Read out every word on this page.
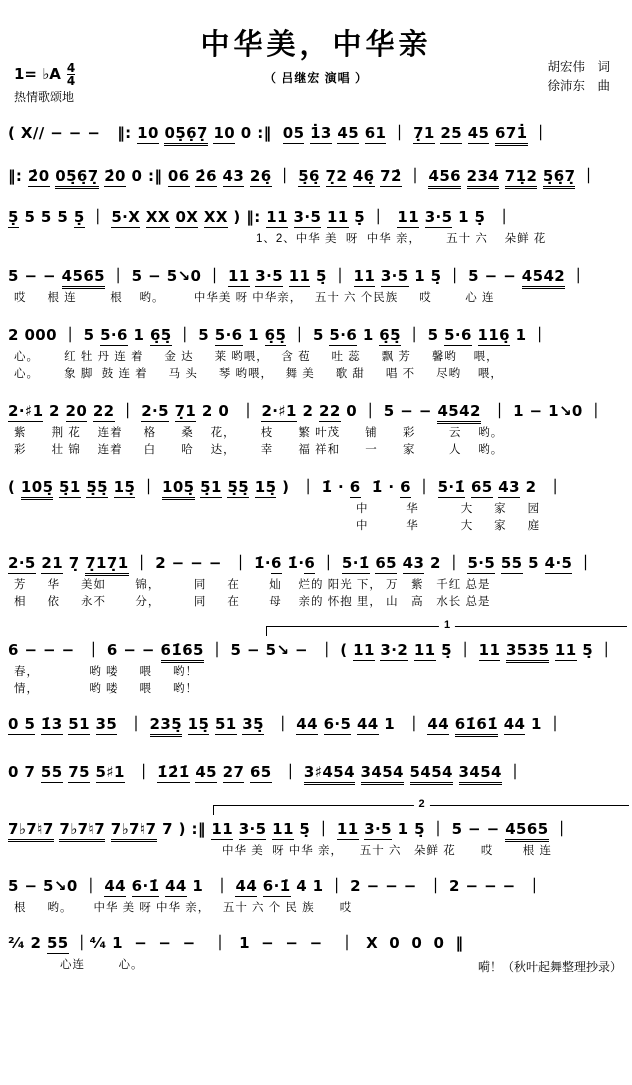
中华美，中华亲
（ 吕继宏 演唱 ）
胡宏伟　词
徐沛东　曲
1= ♭A $\frac{4}{4}$
热情歌颂地
( X∕∕ − − −   ‖: 10 05̣6̣7̣ 10 0 :‖  05 1̇3 45 61 ｜ 7̣1 25 45 671̇ ｜
‖: 2̇0 05̣6̣7̣ 2̇0 0 :‖ 06 2̇6 43 26̣ ｜ 5̣6̣ 7̣2 46̣ 72̇ ｜ 456 234 71̣2 5̣6̣7̣ ｜
5̣ 5 5 5 5̣ ｜ 5·X XX 0X XX ) ‖: 11 3·5 11 5̣ ｜  11 3·5 1 5̣  ｜
1、2、中华 美  呀  中华 亲，      五十 六    朵鲜 花
5 − − 4565 ｜ 5 − 5↘0 ｜ 11 3·5 11 5̣ ｜ 11 3·5 1 5̣ ｜ 5 − − 4542 ｜
哎     根 连        根    哟。       中华美 呀 中华亲，   五十 六 个民族     哎        心 连
2 000 ｜ 5 5·6 1 6̣5̣ ｜ 5 5·6 1 6̣5̣ ｜ 5 5·6 1 6̣5̣ ｜ 5 5·6 116̣ 1 ｜
心。      红 牡 丹 连 着     金 达     莱 哟喂，   含 苞     吐 蕊     飘 芳     馨哟    喂，
心。      象 脚  鼓 连 着     马 头     琴 哟喂，   舞 美     歌 甜     唱 不     尽哟    喂，
2·♯1 2 20 22 ｜ 2·5 7̣1 2 0  ｜ 2·♯1 2 22 0 ｜ 5 − − 4542  ｜ 1 − 1↘0 ｜
紫      荆 花    连着     格      桑    花，      枝      繁 叶茂      铺      彩        云    哟。
彩      壮 锦    连着     白      哈    达，      幸      福 祥和      一      家        人    哟。
( 105̣ 5̣1 5̣5̣ 15̣ ｜ 105̣ 5̣1 5̣5̣ 15̣ )  ｜ 1̇ · 6  1̇ · 6 ｜ 5·1̇ 65 43 2  ｜
中         华          大     家     园
中         华          大     家     庭
2·5 21 7̣ 7̣17̣1 ｜ 2 − − −  ｜ 1̇·6 1̇·6 ｜ 5·1̇ 65 43 2 ｜ 5·5 55 5 4·5 ｜
芳     华     美如       锦，        同     在       灿    烂的 阳光 下， 万   紫   千红 总是
相     依     永不       分，        同     在       母    亲的 怀抱 里， 山   高   水长 总是
1
6 − − −  ｜ 6 − − 61̇65 ｜ 5 − 5↘ −  ｜ ( 11 3·2 11 5̣ ｜ 11 3535 11 5̣ ｜
春，            哟 喽     喂     哟！
情，            哟 喽     喂     哟！
0 5 1̇3 51 35  ｜ 235̣ 15̣ 51 35̣  ｜ 44 6·5 44 1  ｜ 44 61̇61̇ 44 1 ｜
0 7 55 75 5♯1  ｜ 1̇2̇1̇ 45 27 65  ｜ 3♯454 3454 5454 3454 ｜
2
7♭7♮7 7♭7♮7 7♭7♮7 7 ) :‖ 11 3·5 11 5̣ ｜ 11 3·5 1 5̣ ｜ 5 − − 4565 ｜
中华 美  呀 中华 亲，    五十 六   朵鲜 花      哎       根 连
5 − 5↘0 ｜ 44 6·1̇ 44 1  ｜ 44 6·1̇ 4 1 ｜ 2 − − −  ｜ 2 − − −  ｜
根     哟。     中华 美 呀 中华 亲，   五十 六 个 民 族      哎
²⁄₄ 2 55 ｜⁴⁄₄ 1  −  −  −   ｜  1  −  −  −   ｜  X  0  0  0  ‖
心连        心。	嗬！（秋叶起舞整理抄录）
